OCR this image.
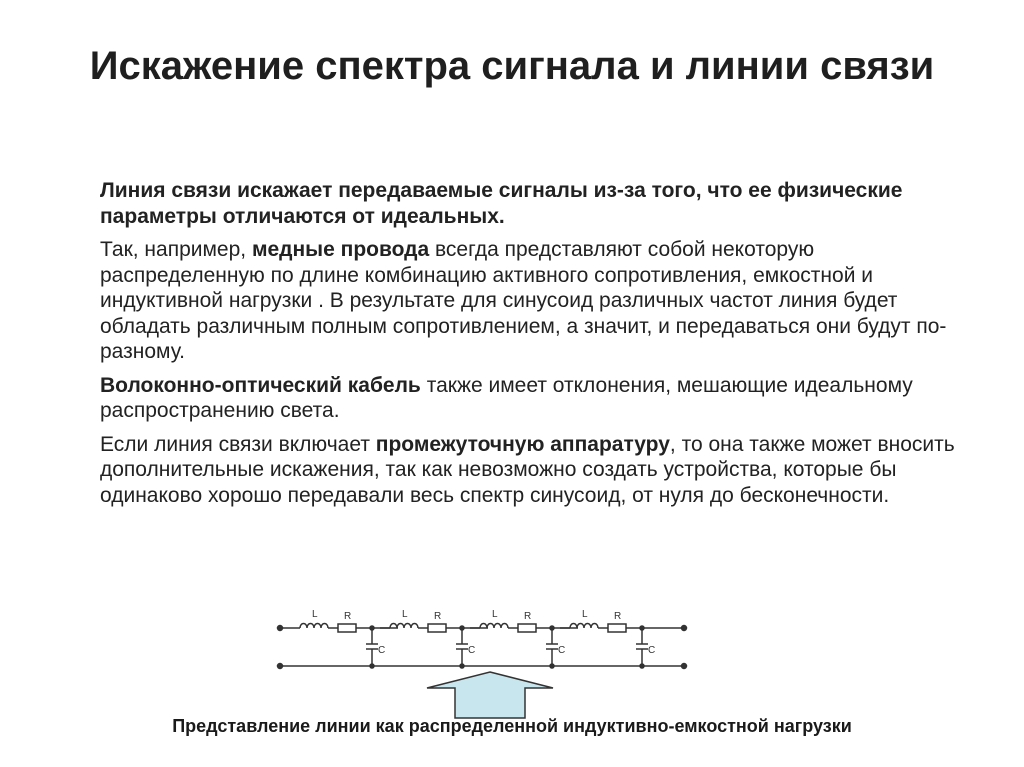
Искажение спектра сигнала и линии связи

Линия связи искажает передаваемые сигналы из-за того, что ее физические параметры отличаются от идеальных.

Так, например, медные провода всегда представляют собой некоторую распределенную по длине комбинацию активного сопротивления, емкостной и индуктивной нагрузки . В результате для синусоид различных частот линия будет обладать различным полным сопротивлением, а значит, и передаваться они будут по-разному.

Волоконно-оптический кабель также имеет отклонения, мешающие идеальному распространению света.

Если линия связи включает промежуточную аппаратуру, то она также может вносить дополнительные искажения, так как невозможно создать устройства, которые бы одинаково хорошо передавали весь спектр синусоид, от нуля до бесконечности.

L	R
C
L	R
C
L	R
C
L	R
C
Представление линии как распределенной индуктивно-емкостной нагрузки
